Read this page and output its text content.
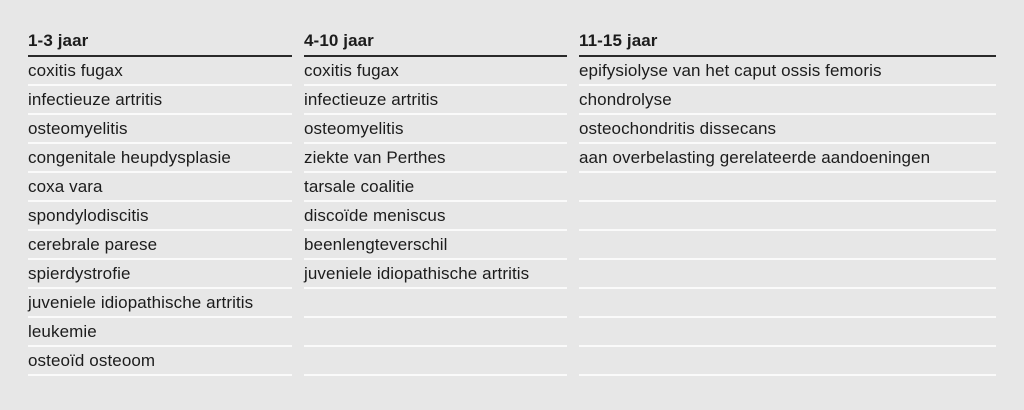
1-3 jaar	4-10 jaar	11-15 jaar
coxitis fugax	coxitis fugax	epifysiolyse van het caput ossis femoris
infectieuze artritis	infectieuze artritis	chondrolyse
osteomyelitis	osteomyelitis	osteochondritis dissecans
congenitale heupdysplasie	ziekte van Perthes	aan overbelasting gerelateerde aandoeningen
coxa vara	tarsale coalitie
spondylodiscitis	discoïde meniscus
cerebrale parese	beenlengteverschil
spierdystrofie	juveniele idiopathische artritis
juveniele idiopathische artritis
leukemie
osteoïd osteoom
